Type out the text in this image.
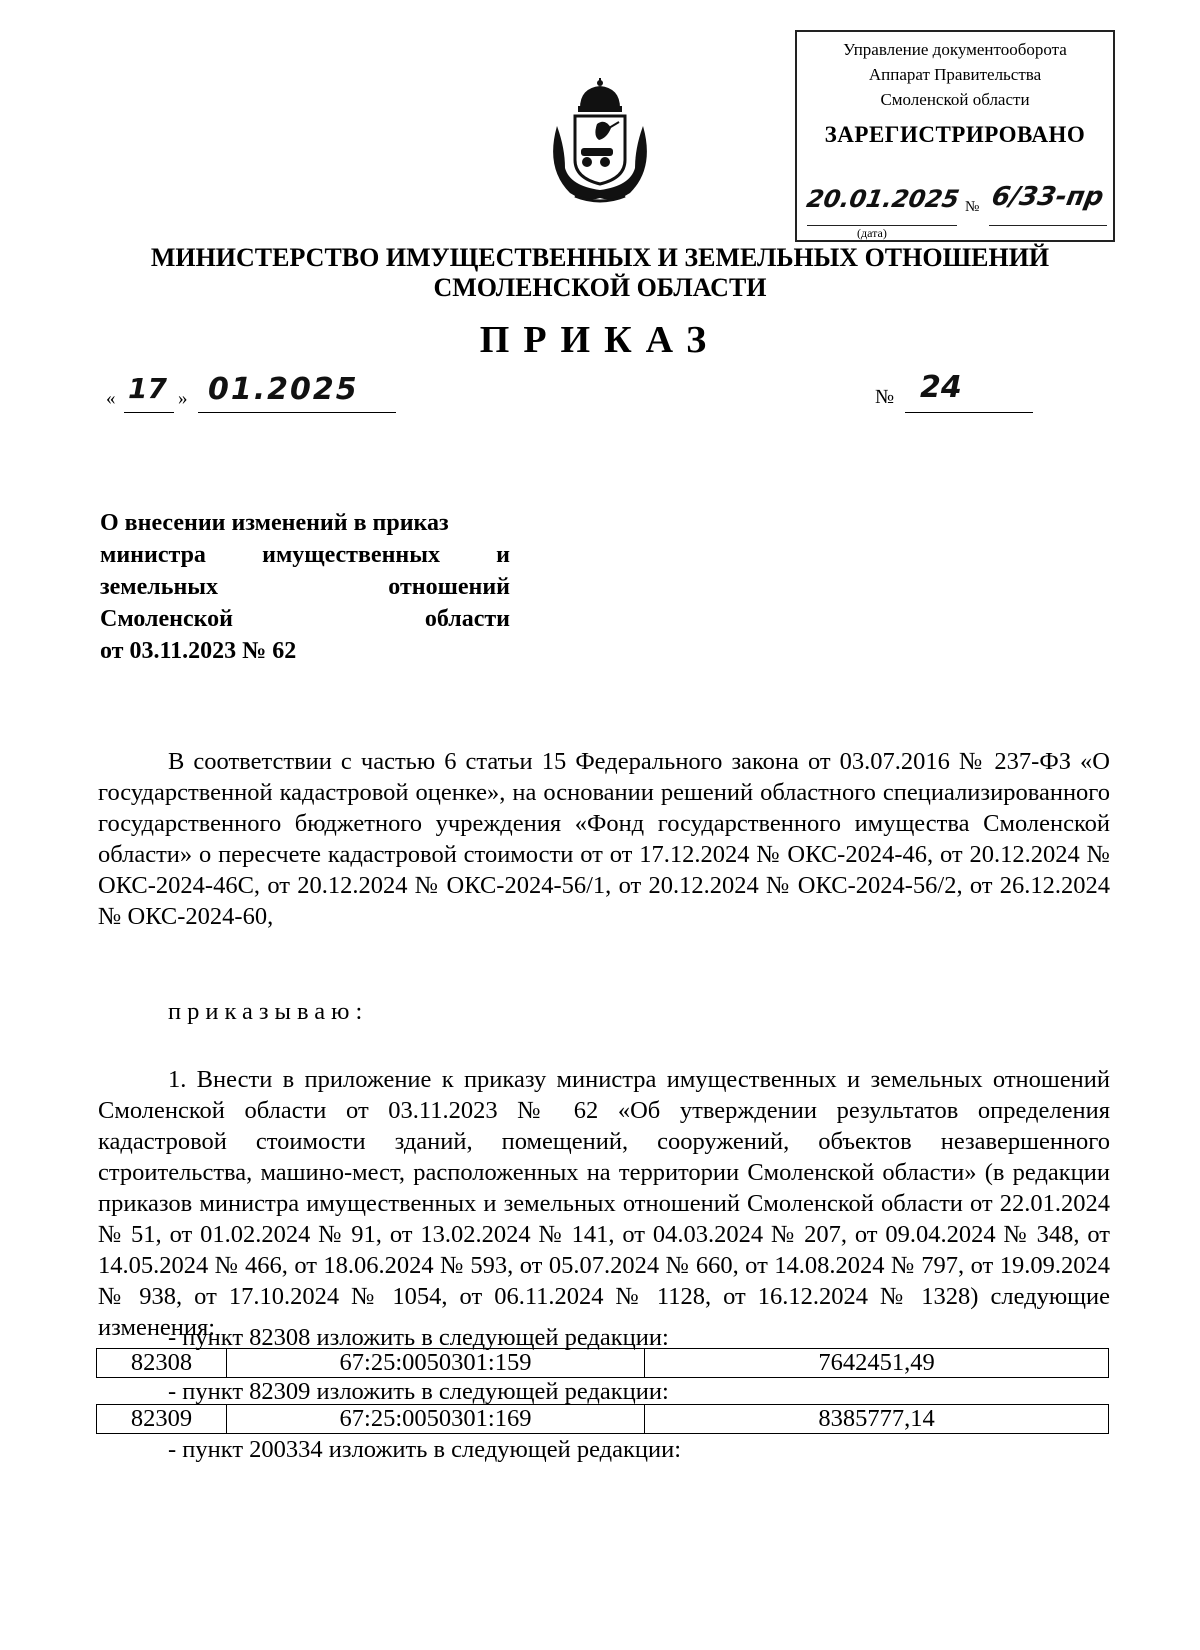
Управление документооборота
Аппарат Правительства
Смоленской области
ЗАРЕГИСТРИРОВАНО
20.01.2025 № 6/33-пр
(дата)
МИНИСТЕРСТВО ИМУЩЕСТВЕННЫХ И ЗЕМЕЛЬНЫХ ОТНОШЕНИЙ
СМОЛЕНСКОЙ ОБЛАСТИ
ПРИКАЗ
« 17 » 01.2025	№ 24
О внесении изменений в приказ
министра имущественных и
земельных отношений
Смоленской области
от 03.11.2023 № 62
В соответствии с частью 6 статьи 15 Федерального закона от 03.07.2016 № 237-ФЗ «О государственной кадастровой оценке», на основании решений областного специализированного государственного бюджетного учреждения «Фонд государственного имущества Смоленской области» о пересчете кадастровой стоимости от от 17.12.2024 № ОКС-2024-46, от 20.12.2024 № ОКС-2024-46С, от 20.12.2024 № ОКС-2024-56/1, от 20.12.2024 № ОКС-2024-56/2, от 26.12.2024 № ОКС-2024-60,
приказываю:
1. Внести в приложение к приказу министра имущественных и земельных отношений Смоленской области от 03.11.2023 № 62 «Об утверждении результатов определения кадастровой стоимости зданий, помещений, сооружений, объектов незавершенного строительства, машино-мест, расположенных на территории Смоленской области» (в редакции приказов министра имущественных и земельных отношений Смоленской области от 22.01.2024 № 51, от 01.02.2024 № 91, от 13.02.2024 № 141, от 04.03.2024 № 207, от 09.04.2024 № 348, от 14.05.2024 № 466, от 18.06.2024 № 593, от 05.07.2024 № 660, от 14.08.2024 № 797, от 19.09.2024 № 938, от 17.10.2024 № 1054, от 06.11.2024 № 1128, от 16.12.2024 № 1328) следующие изменения:
- пункт 82308 изложить в следующей редакции:
82308	67:25:0050301:159	7642451,49
- пункт 82309 изложить в следующей редакции:
82309	67:25:0050301:169	8385777,14
- пункт 200334 изложить в следующей редакции:
